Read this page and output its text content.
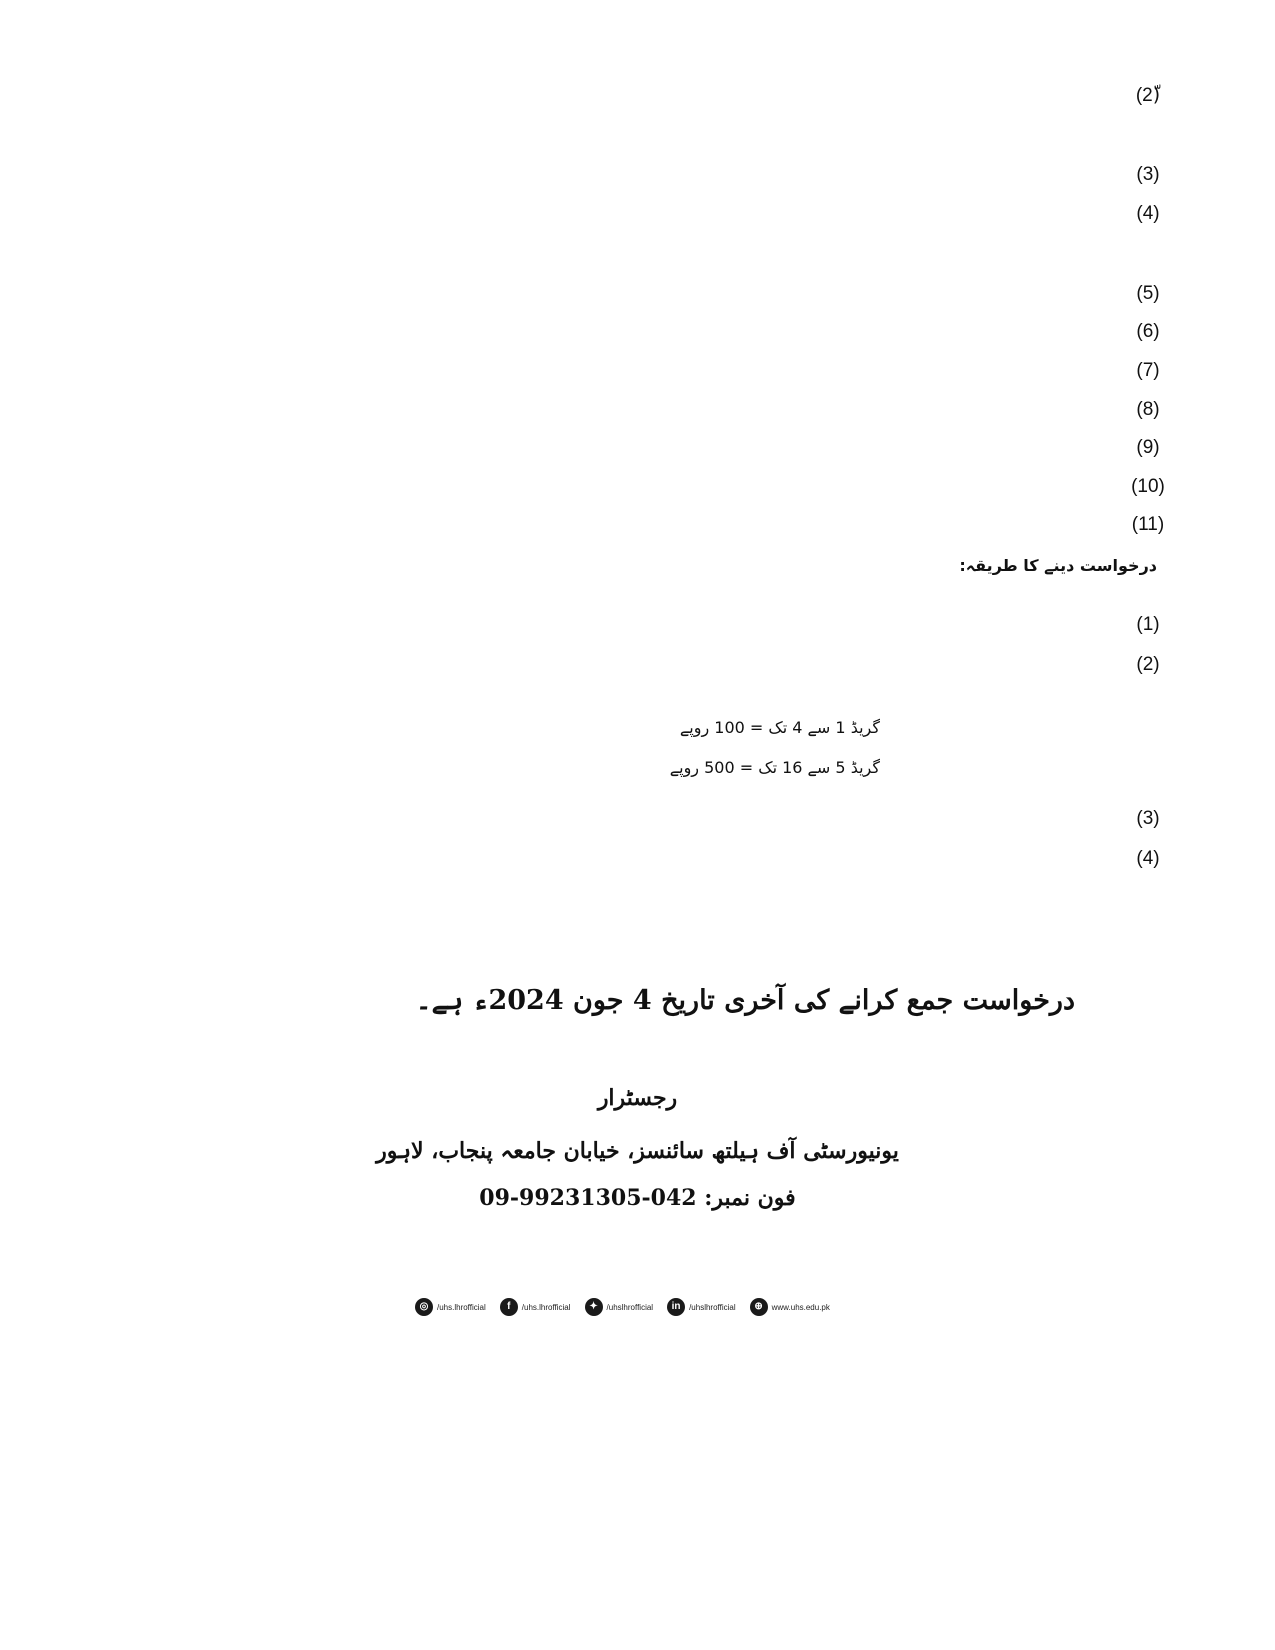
(2)ّ
(3)
(4)
(5)
(6)
(7)
(8)
(9)
(10)
(11)
درخواست دینے کا طریقہ:
(1)
(2)
گریڈ 1 سے 4 تک = 100 روپے
گریڈ 5 سے 16 تک = 500 روپے
(3)
(4)
درخواست جمع کرانے کی آخری تاریخ 4 جون 2024ء ہے۔
رجسٹرار
یونیورسٹی آف ہیلتھ سائنسز، خیابان جامعہ پنجاب، لاہور
فون نمبر: 042-99231305-09
◎	/uhs.lhrofficial	f	/uhs.lhrofficial	✦	/uhslhrofficial	in	/uhslhrofficial	⊕	www.uhs.edu.pk
